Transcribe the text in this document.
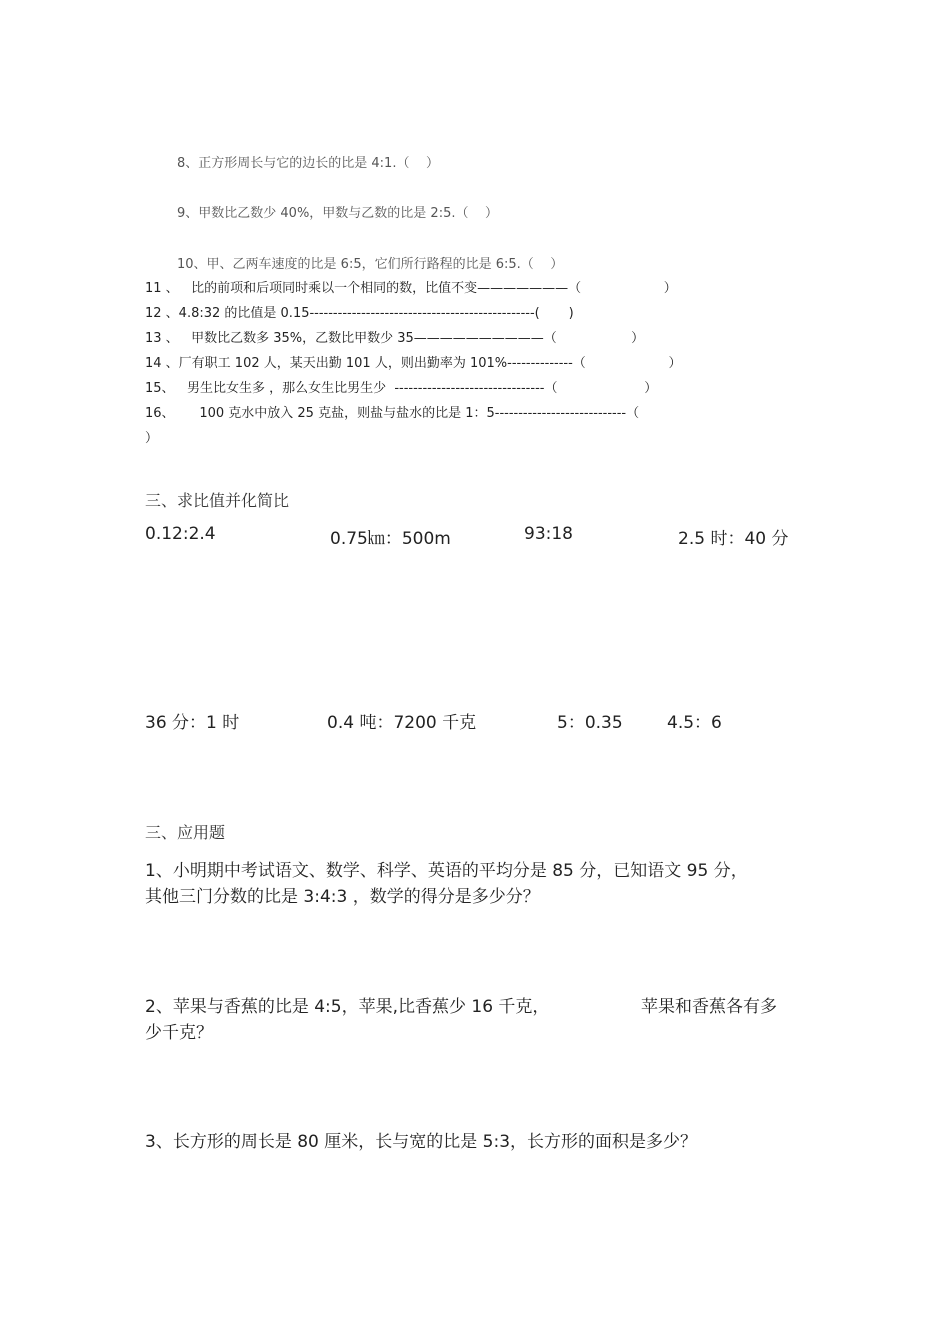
8、正方形周长与它的边长的比是 4:1.（    ）
9、甲数比乙数少 40%，甲数与乙数的比是 2:5.（    ）
10、甲、乙两车速度的比是 6:5，它们所行路程的比是 6:5.（    ）
11 、   比的前项和后项同时乘以一个相同的数，比值不变———————（                    ）
12 、4.8:32 的比值是 0.15------------------------------------------------(       )
13 、   甲数比乙数多 35%，乙数比甲数少 35——————————（                  ）
14 、厂有职工 102 人，某天出勤 101 人，则出勤率为 101%--------------（                    ）
15、   男生比女生多 ，那么女生比男生少  --------------------------------（                     ）
16、      100 克水中放入 25 克盐，则盐与盐水的比是 1：5----------------------------（
）
三、求比值并化简比
0.12:2.4	0.75㎞：500m	93:18	2.5 时：40 分
36 分：1 时	0.4 吨：7200 千克	5：0.35	4.5：6
三、应用题
1、小明期中考试语文、数学、科学、英语的平均分是 85 分，已知语文 95 分，
其他三门分数的比是 3:4:3 ，数学的得分是多少分？
2、苹果与香蕉的比是 4:5，苹果,比香蕉少 16 千克，	苹果和香蕉各有多
少千克？
3、长方形的周长是 80 厘米，长与宽的比是 5:3，长方形的面积是多少？
